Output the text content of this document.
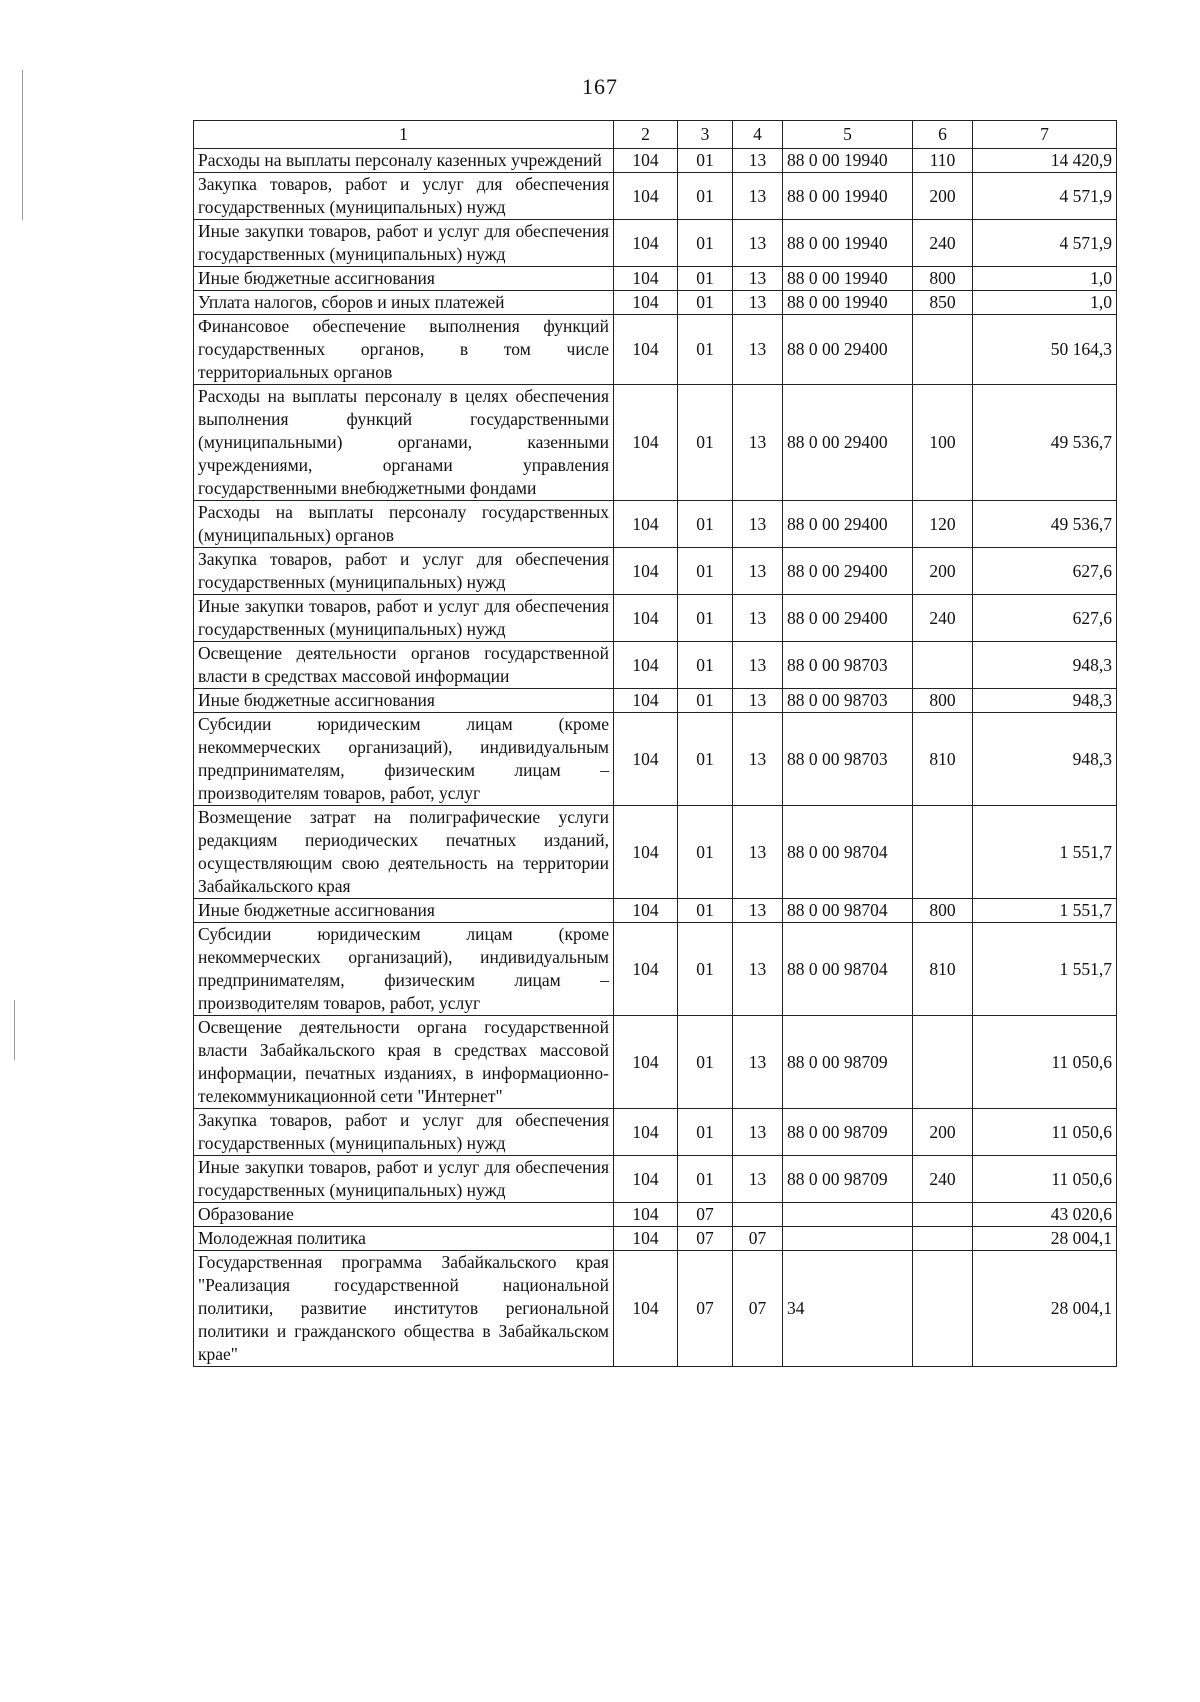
167
1	2	3	4	5	6	7
Расходы на выплаты персоналу казенных учреждений	104	01	13	88 0 00 19940	110	14 420,9
Закупка товаров, работ и услуг для обеспечения государственных (муниципальных) нужд	104	01	13	88 0 00 19940	200	4 571,9
Иные закупки товаров, работ и услуг для обеспечения государственных (муниципальных) нужд	104	01	13	88 0 00 19940	240	4 571,9
Иные бюджетные ассигнования	104	01	13	88 0 00 19940	800	1,0
Уплата налогов, сборов и иных платежей	104	01	13	88 0 00 19940	850	1,0
Финансовое обеспечение выполнения функций государственных органов, в том числе территориальных органов	104	01	13	88 0 00 29400		50 164,3
Расходы на выплаты персоналу в целях обеспечения выполнения функций государственными (муниципальными) органами, казенными учреждениями, органами управления государственными внебюджетными фондами	104	01	13	88 0 00 29400	100	49 536,7
Расходы на выплаты персоналу государственных (муниципальных) органов	104	01	13	88 0 00 29400	120	49 536,7
Закупка товаров, работ и услуг для обеспечения государственных (муниципальных) нужд	104	01	13	88 0 00 29400	200	627,6
Иные закупки товаров, работ и услуг для обеспечения государственных (муниципальных) нужд	104	01	13	88 0 00 29400	240	627,6
Освещение деятельности органов государственной власти в средствах массовой информации	104	01	13	88 0 00 98703		948,3
Иные бюджетные ассигнования	104	01	13	88 0 00 98703	800	948,3
Субсидии юридическим лицам (кроме некоммерческих организаций), индивидуальным предпринимателям, физическим лицам – производителям товаров, работ, услуг	104	01	13	88 0 00 98703	810	948,3
Возмещение затрат на полиграфические услуги редакциям периодических печатных изданий, осуществляющим свою деятельность на территории Забайкальского края	104	01	13	88 0 00 98704		1 551,7
Иные бюджетные ассигнования	104	01	13	88 0 00 98704	800	1 551,7
Субсидии юридическим лицам (кроме некоммерческих организаций), индивидуальным предпринимателям, физическим лицам – производителям товаров, работ, услуг	104	01	13	88 0 00 98704	810	1 551,7
Освещение деятельности органа государственной власти Забайкальского края в средствах массовой информации, печатных изданиях, в информационно-телекоммуникационной сети "Интернет"	104	01	13	88 0 00 98709		11 050,6
Закупка товаров, работ и услуг для обеспечения государственных (муниципальных) нужд	104	01	13	88 0 00 98709	200	11 050,6
Иные закупки товаров, работ и услуг для обеспечения государственных (муниципальных) нужд	104	01	13	88 0 00 98709	240	11 050,6
Образование	104	07				43 020,6
Молодежная политика	104	07	07			28 004,1
Государственная программа Забайкальского края "Реализация государственной национальной политики, развитие институтов региональной политики и гражданского общества в Забайкальском крае"	104	07	07	34		28 004,1
